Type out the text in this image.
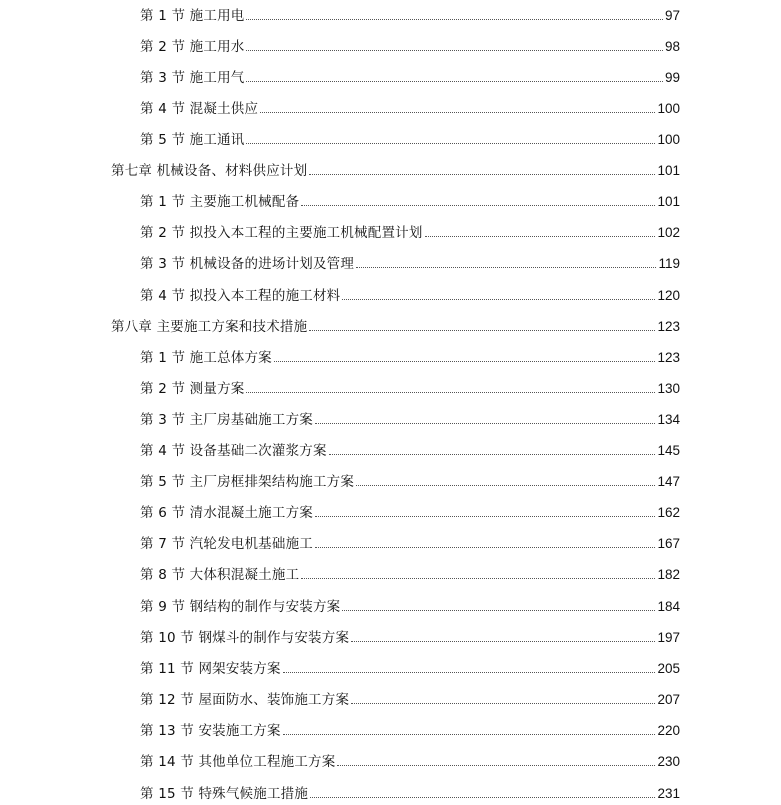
第 1 节 施工用电	97
第 2 节 施工用水	98
第 3 节 施工用气	99
第 4 节 混凝土供应	100
第 5 节 施工通讯	100
第七章 机械设备、材料供应计划	101
第 1 节 主要施工机械配备	101
第 2 节 拟投入本工程的主要施工机械配置计划	102
第 3 节 机械设备的进场计划及管理	119
第 4 节 拟投入本工程的施工材料	120
第八章 主要施工方案和技术措施	123
第 1 节 施工总体方案	123
第 2 节 测量方案	130
第 3 节 主厂房基础施工方案	134
第 4 节 设备基础二次灌浆方案	145
第 5 节 主厂房框排架结构施工方案	147
第 6 节 清水混凝土施工方案	162
第 7 节 汽轮发电机基础施工	167
第 8 节 大体积混凝土施工	182
第 9 节 钢结构的制作与安装方案	184
第 10 节 钢煤斗的制作与安装方案	197
第 11 节 网架安装方案	205
第 12 节 屋面防水、装饰施工方案	207
第 13 节 安装施工方案	220
第 14 节 其他单位工程施工方案	230
第 15 节 特殊气候施工措施	231
